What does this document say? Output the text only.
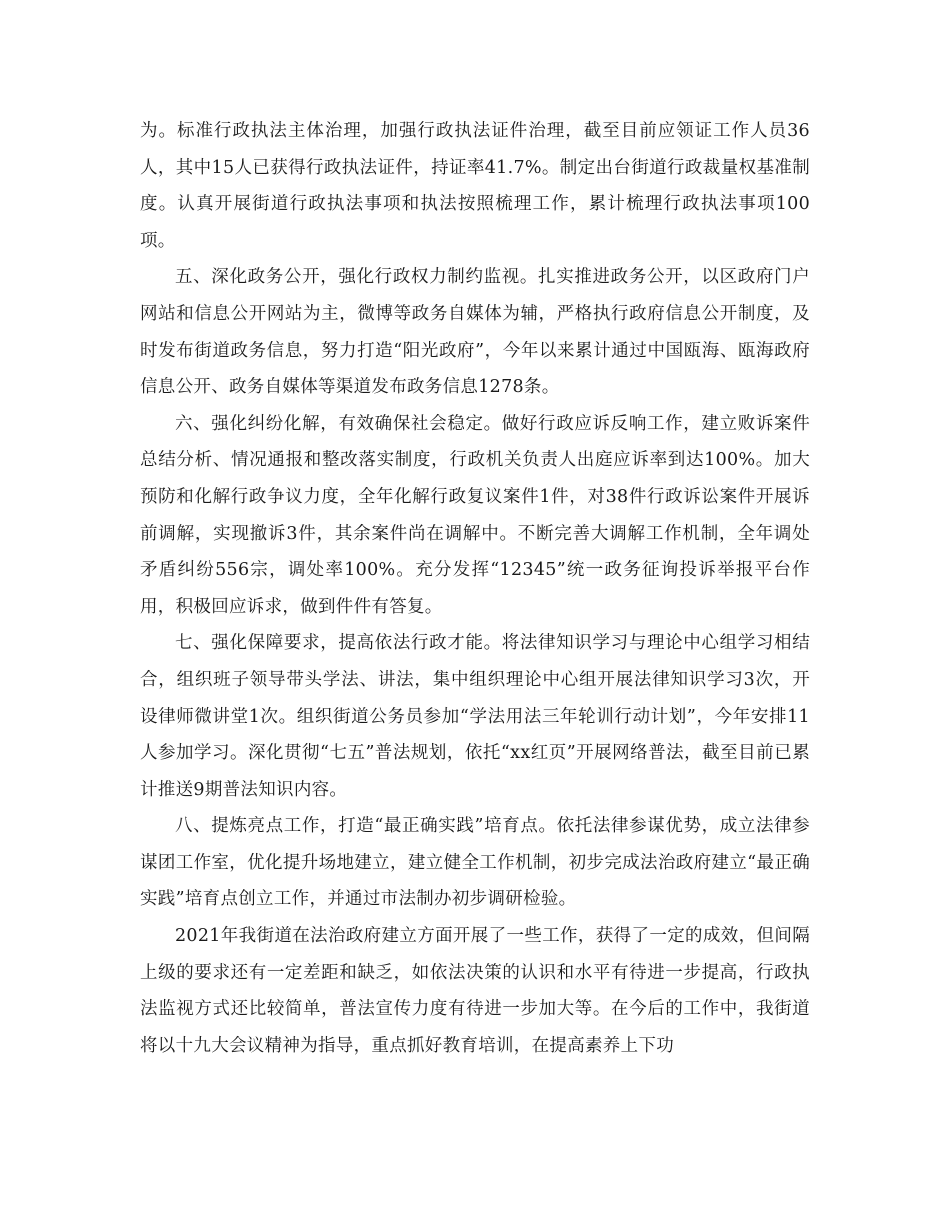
为。标准行政执法主体治理，加强行政执法证件治理，截至目前应领证工作人员36人，其中15人已获得行政执法证件，持证率41.7%。制定出台街道行政裁量权基准制度。认真开展街道行政执法事项和执法按照梳理工作，累计梳理行政执法事项100项。

五、深化政务公开，强化行政权力制约监视。扎实推进政务公开，以区政府门户网站和信息公开网站为主，微博等政务自媒体为辅，严格执行政府信息公开制度，及时发布街道政务信息，努力打造“阳光政府”，今年以来累计通过中国瓯海、瓯海政府信息公开、政务自媒体等渠道发布政务信息1278条。

六、强化纠纷化解，有效确保社会稳定。做好行政应诉反响工作，建立败诉案件总结分析、情况通报和整改落实制度，行政机关负责人出庭应诉率到达100%。加大预防和化解行政争议力度，全年化解行政复议案件1件，对38件行政诉讼案件开展诉前调解，实现撤诉3件，其余案件尚在调解中。不断完善大调解工作机制，全年调处矛盾纠纷556宗，调处率100%。充分发挥“12345”统一政务征询投诉举报平台作用，积极回应诉求，做到件件有答复。

七、强化保障要求，提高依法行政才能。将法律知识学习与理论中心组学习相结合，组织班子领导带头学法、讲法，集中组织理论中心组开展法律知识学习3次，开设律师微讲堂1次。组织街道公务员参加“学法用法三年轮训行动计划”，今年安排11人参加学习。深化贯彻“七五”普法规划，依托“xx红页”开展网络普法，截至目前已累计推送9期普法知识内容。

八、提炼亮点工作，打造“最正确实践”培育点。依托法律参谋优势，成立法律参谋团工作室，优化提升场地建立，建立健全工作机制，初步完成法治政府建立“最正确实践”培育点创立工作，并通过市法制办初步调研检验。

2021年我街道在法治政府建立方面开展了一些工作，获得了一定的成效，但间隔上级的要求还有一定差距和缺乏，如依法决策的认识和水平有待进一步提高，行政执法监视方式还比较简单，普法宣传力度有待进一步加大等。在今后的工作中，我街道将以十九大会议精神为指导，重点抓好教育培训，在提高素养上下功
